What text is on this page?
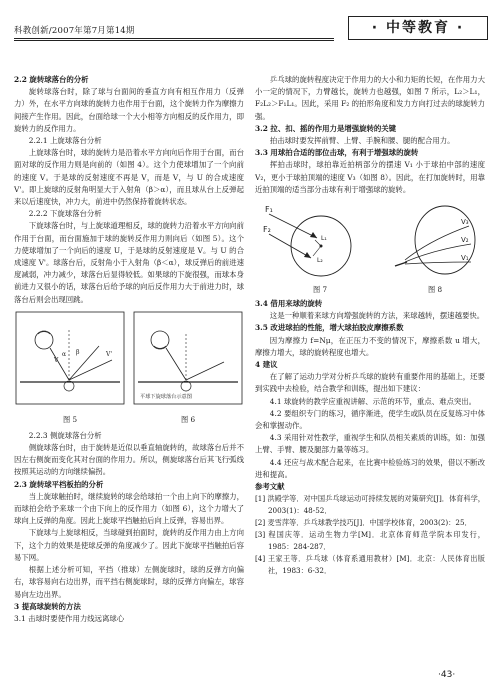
科教创新/2007年第7月第14期	· 中等教育 ·
2.2 旋转球落台的分析
旋转球落台时，除了球与台面间的垂直方向有相互作用力（反弹力）外，在水平方向球的旋转力也作用于台面，这个旋转力作为摩擦力间接产生作用。因此，台面给球一个大小相等方向相反的反作用力，即旋转力的反作用力。
2.2.1 上旋球落台分析
上旋球落台时，球的旋转力是沿着水平方向向后作用于台面，而台面对球的反作用力则是向前的（如图 4）。这个力使球增加了一个向前的速度 V。于是球的反射速度不再是 V，而是 V，与 U 的合成速度 V'。即上旋球的反射角明显大于入射角（β＞α），而且球从台上反弹起来以后速度快，冲力大，前进中仍然保持着旋转状态。
2.2.2 下旋球落台分析
下旋球落台时，与上旋球道理相反，球的旋转力沿着水平方向向前作用于台面，而台面施加于球的旋转反作用力则向后（如图 5）。这个力使球增加了一个向后的速度 U，于是球的反射速度是 V。与 U 的合成速度 V'。球落台后，反射角小于入射角（β＜α），球反弹后的前进速度减弱，冲力减少，球落台后显得较低。如果球的下旋很强，而球本身前进力又很小的话，球落台后给予球的向后反作用力大于前进力时，球落台后则会出现回跳。
V
β
α	V'
平球下旋球落台示意图
图 5	图 6
2.2.3 侧旋球落台分析
侧旋球落台时，由于旋转是近似以垂直轴旋转的，故球落台后并不因左右侧旋而变化其对台面的作用力。所以，侧旋球落台后其飞行弧线按照其运动的方向继续偏拐。
2.3 旋转球平档板拍的分析
当上旋球触拍时，继续旋转的球会给球拍一个由上向下的摩擦力，而球拍会给予来球一个由下向上的反作用力（如图 6），这个力增大了球向上反弹的角度。因此上旋球平挡触拍后向上反弹，容易出界。
下旋球与上旋球相反，当球碰到拍面时，旋转的反作用力由上方向下，这个力的效果是使球反弹的角度减少了。因此下旋球平挡触拍后容易下网。
根据上述分析可知，平挡（推球）左侧旋球时，球的反弹方向偏右，球容易向右边出界，而平挡右侧旋球时，球的反弹方向偏左，球容易向左边出界。
3 提高球旋转的方法
3.1 击球时要使作用力线远离球心
乒乓球的旋转程度决定于作用力的大小和力矩的长短，在作用力大小一定的情况下，力臂越长，旋转力也越强，如图 7 所示，L₂＞L₁，F₂L₂＞F₁L₁。因此，采用 F₂ 的拍形角度和发力方向打过去的球旋转力强。
3.2 拉、扣、摇的作用力是增强旋转的关键
拍击球时要发挥前臂、上臂、手腕和腰、腿的配合用力。
3.3 用球拍合适的部位击球，有利于增强球的旋转
挥拍击球时，球拍靠近拍柄部分的摆速 V₁ 小于球拍中部的速度 V₂，更小于球拍顶端的速度 V₃（如图 8）。因此，在打加旋转时，用靠近拍顶端的适当部分击球有利于增强球的旋转。
F₁
F₂
L₁
L₂
V₃
V₂
V₁
图 7	图 8
3.4 借用来球的旋转
这是一种顺着来球方向增强旋转的方法，来球越转，摆速越要快。
3.5 改进球拍的性能，增大球拍胶皮摩擦系数
因为摩擦力 f=Nμ，在正压力不变的情况下，摩擦系数 u 增大，摩擦力增大，球的旋转程度也增大。
4 建议
在了解了运动力学对分析乒乓球的旋转有重要作用的基础上，还要到实践中去检验，结合教学和训练，提出如下建议：
4.1 球旋转的教学应重视讲解、示范的环节，重点、难点突出。
4.2 要组织专门的练习，循序渐进，使学生或队员在反复练习中体会和掌握动作。
4.3 采用针对性教学，重视学生和队员相关素质的训练，如：加强上臂、手臂、腰及腿部力量等练习。
4.4 还应与战术配合起来，在比赛中检验练习的效果，借以不断改进和提高。
参考文献
[1] 洪殿学等．对中国乒乓球运动可持续发展的对策研究[J]．体育科学，2003(1)：48-52．
[2] 麦雪萍等．乒乓球教学技巧[J]．中国学校体育，2003(2)：25．
[3] 程国庆等．运动生物力学[M]．北京体育师范学院本印发行，1985：284-287．
[4] 王家王等．乒乓球（体育系通用教材）[M]．北京：人民体育出版社，1983：6-32．
·43·
